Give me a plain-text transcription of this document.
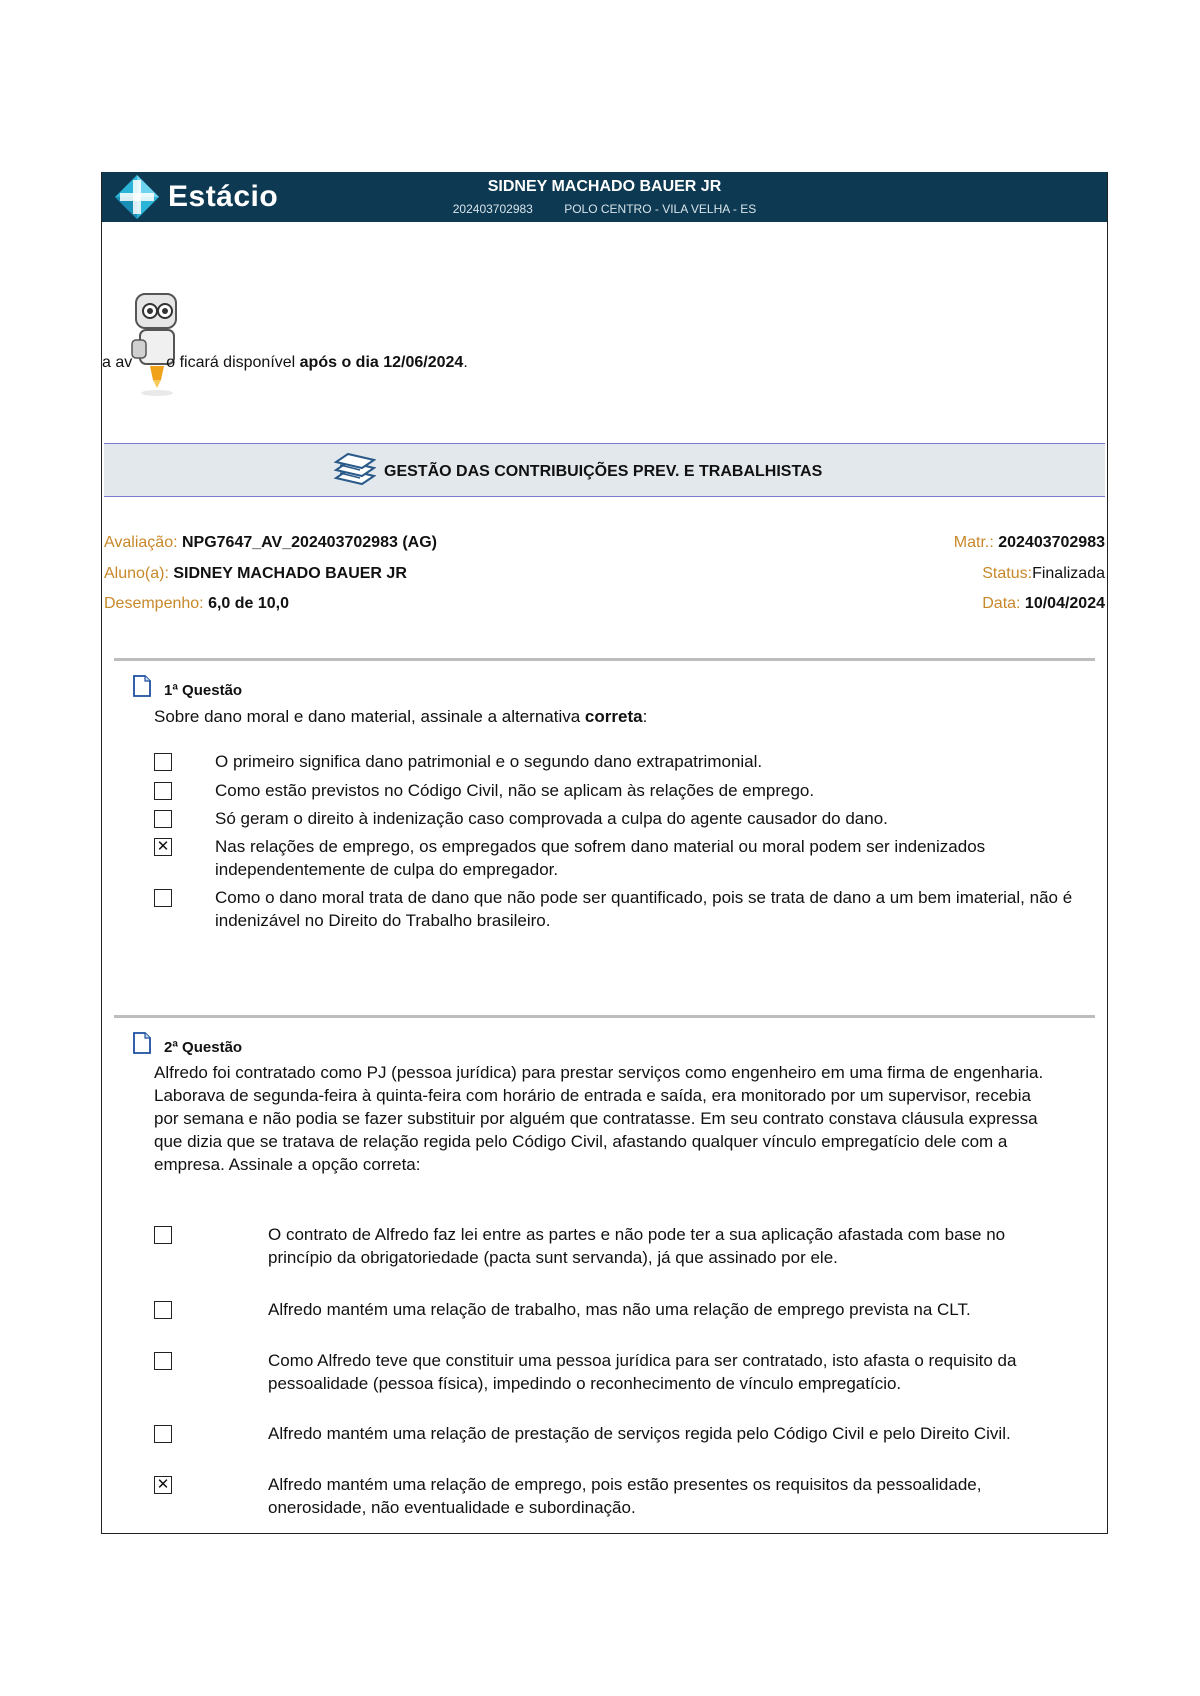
Estácio	SIDNEY MACHADO BAUER JR
202403702983	POLO CENTRO - VILA VELHA - ES
a av o ficará disponível após o dia 12/06/2024.
GESTÃO DAS CONTRIBUIÇÕES PREV. E TRABALHISTAS
Avaliação: NPG7647_AV_202403702983 (AG)
Aluno(a): SIDNEY MACHADO BAUER JR
Desempenho: 6,0 de 10,0
Matr.: 202403702983
Status:Finalizada
Data: 10/04/2024
1ª Questão
Sobre dano moral e dano material, assinale a alternativa correta:
O primeiro significa dano patrimonial e o segundo dano extrapatrimonial.
Como estão previstos no Código Civil, não se aplicam às relações de emprego.
Só geram o direito à indenização caso comprovada a culpa do agente causador do dano.
✕	Nas relações de emprego, os empregados que sofrem dano material ou moral podem ser indenizados independentemente de culpa do empregador.
Como o dano moral trata de dano que não pode ser quantificado, pois se trata de dano a um bem imaterial, não é indenizável no Direito do Trabalho brasileiro.
2ª Questão
Alfredo foi contratado como PJ (pessoa jurídica) para prestar serviços como engenheiro em uma firma de engenharia. Laborava de segunda-feira à quinta-feira com horário de entrada e saída, era monitorado por um supervisor, recebia por semana e não podia se fazer substituir por alguém que contratasse. Em seu contrato constava cláusula expressa que dizia que se tratava de relação regida pelo Código Civil, afastando qualquer vínculo empregatício dele com a empresa. Assinale a opção correta:
O contrato de Alfredo faz lei entre as partes e não pode ter a sua aplicação afastada com base no princípio da obrigatoriedade (pacta sunt servanda), já que assinado por ele.
Alfredo mantém uma relação de trabalho, mas não uma relação de emprego prevista na CLT.
Como Alfredo teve que constituir uma pessoa jurídica para ser contratado, isto afasta o requisito da pessoalidade (pessoa física), impedindo o reconhecimento de vínculo empregatício.
Alfredo mantém uma relação de prestação de serviços regida pelo Código Civil e pelo Direito Civil.
✕	Alfredo mantém uma relação de emprego, pois estão presentes os requisitos da pessoalidade, onerosidade, não eventualidade e subordinação.
